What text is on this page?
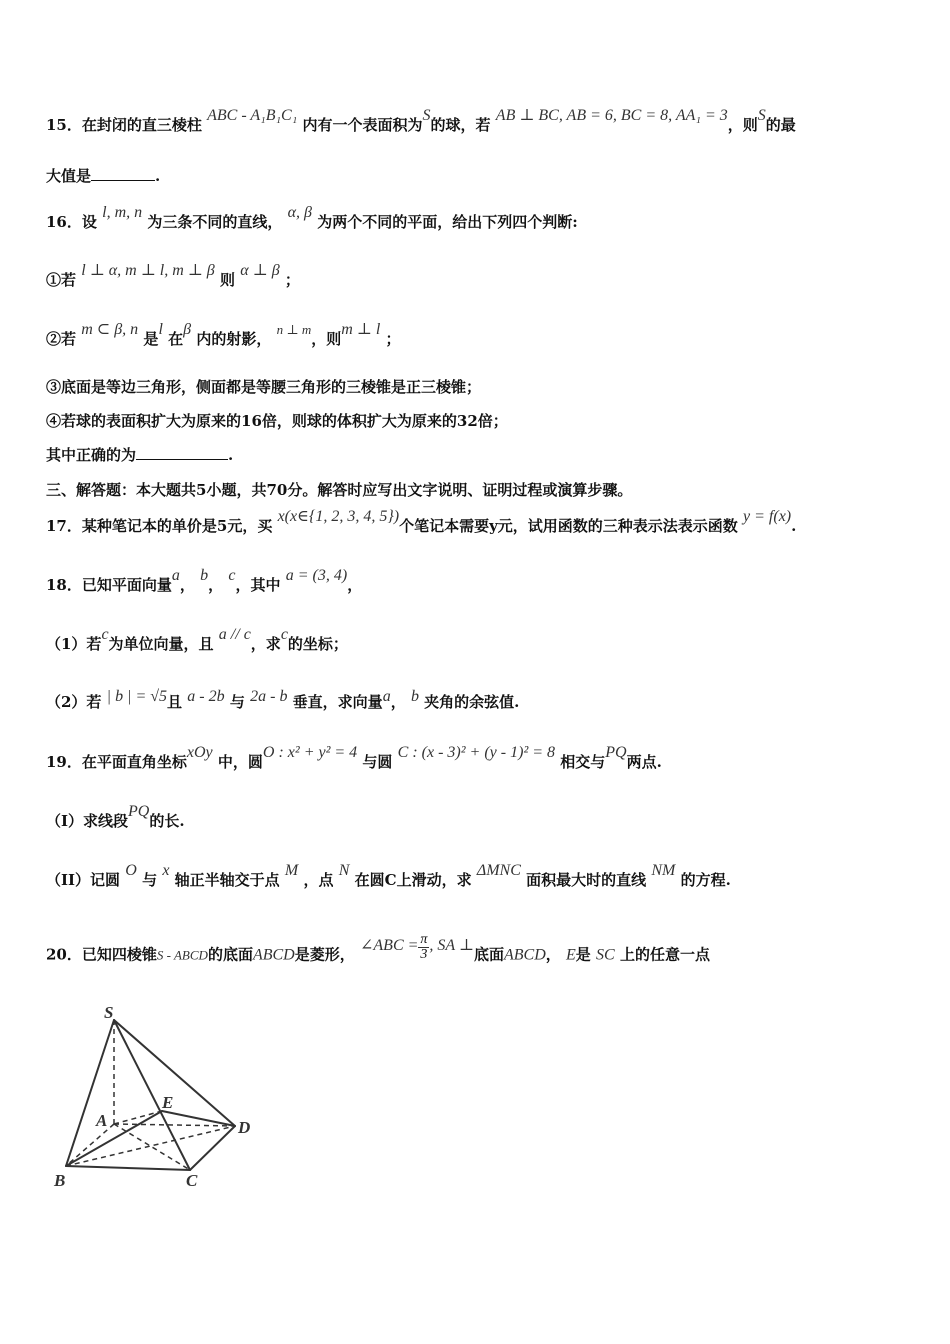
15．在封闭的直三棱柱 ABC - A₁B₁C₁ 内有一个表面积为S的球，若 AB ⊥ BC, AB = 6, BC = 8, AA₁ = 3，则S的最
大值是	.
16．设 l, m, n 为三条不同的直线， α, β 为两个不同的平面，给出下列四个判断:
①若 l ⊥ α, m ⊥ l, m ⊥ β 则 α ⊥ β ；
②若 m ⊂ β, n 是l 在β 内的射影， n ⊥ m，则m ⊥ l ；
③底面是等边三角形，侧面都是等腰三角形的三棱锥是正三棱锥；
④若球的表面积扩大为原来的16倍，则球的体积扩大为原来的32倍；
其中正确的为	.
三、解答题：本大题共5小题，共70分。解答时应写出文字说明、证明过程或演算步骤。
17．某种笔记本的单价是5元，买 x(x∈{1, 2, 3, 4, 5})个笔记本需要y元，试用函数的三种表示法表示函数 y = f(x).
18．已知平面向量a， b， c，其中 a = (3, 4)，
（1）若c为单位向量，且 a // c，求c的坐标；
（2）若 | b | = √5且 a - 2b 与 2a - b 垂直，求向量a， b 夹角的余弦值.
19．在平面直角坐标xOy 中，圆O : x² + y² = 4 与圆 C : (x - 3)² + (y - 1)² = 8 相交与PQ两点.
（I）求线段PQ的长.
（II）记圆 O 与 x 轴正半轴交于点 M ，点 N 在圆C上滑动，求 ΔMNC 面积最大时的直线 NM 的方程.
20．已知四棱锥S - ABCD的底面ABCD是菱形， ∠ABC = $\frac{\pi}{3}$ , SA ⊥底面ABCD， E是 SC 上的任意一点
S
A
E
D
B	C
